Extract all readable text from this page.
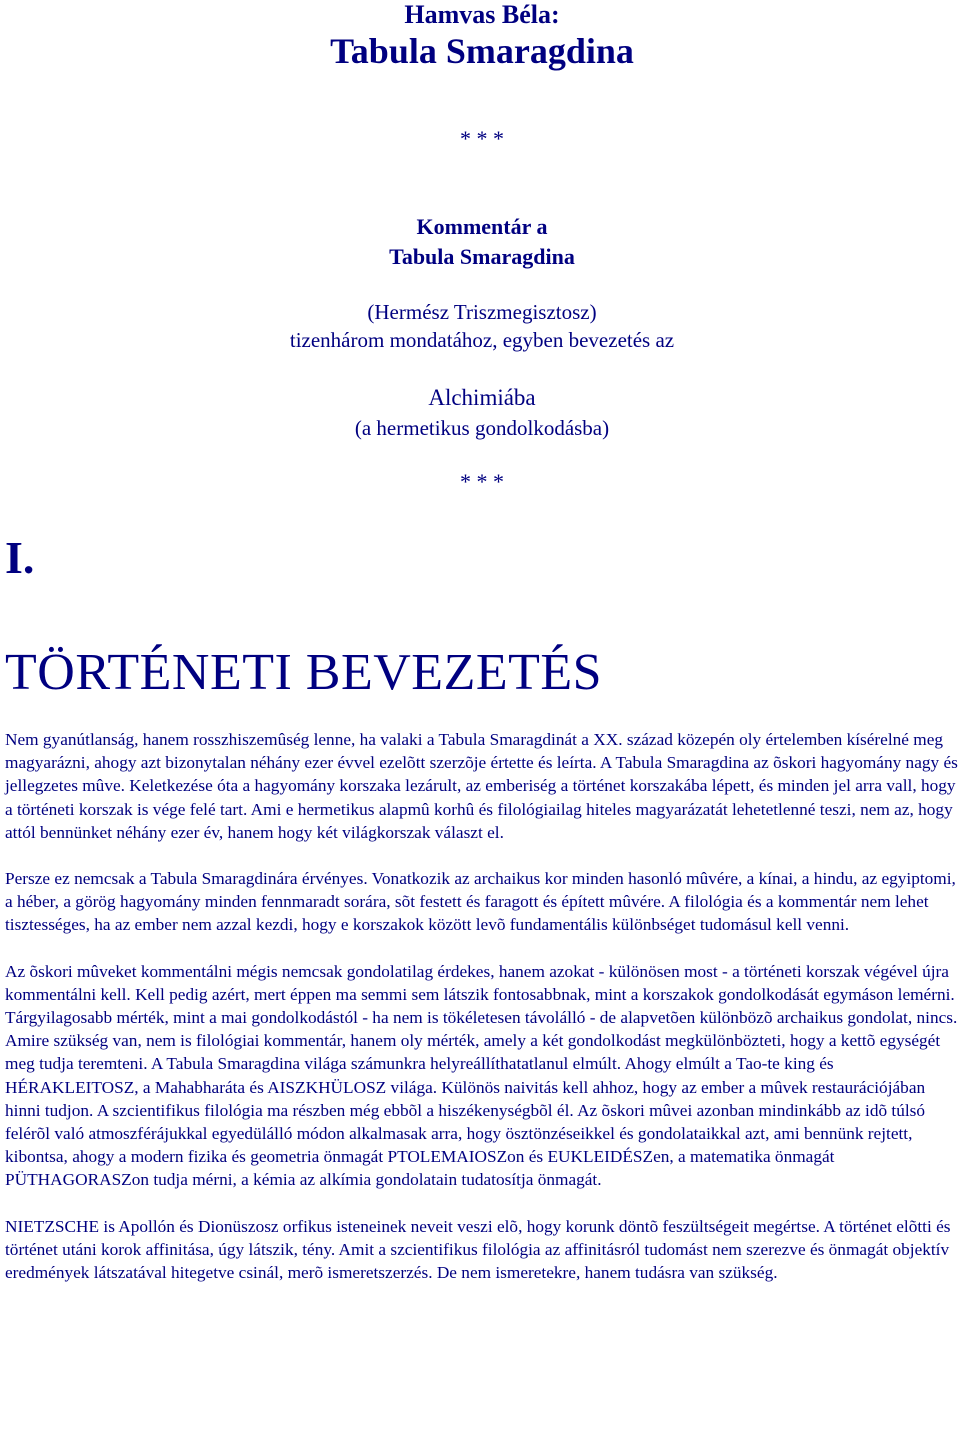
Hamvas Béla:
Tabula Smaragdina
* * *
Kommentár a
Tabula Smaragdina
(Hermész Triszmegisztosz)
tizenhárom mondatához, egyben bevezetés az
Alchimiába
(a hermetikus gondolkodásba)
* * *
I.
TÖRTÉNETI BEVEZETÉS

Nem gyanútlanság, hanem rosszhiszemûség lenne, ha valaki a Tabula Smaragdinát a XX. század közepén oly értelemben kísérelné meg magyarázni, ahogy azt bizonytalan néhány ezer évvel ezelõtt szerzõje értette és leírta. A Tabula Smaragdina az õskori hagyomány nagy és jellegzetes mûve. Keletkezése óta a hagyomány korszaka lezárult, az emberiség a történet korszakába lépett, és minden jel arra vall, hogy a történeti korszak is vége felé tart. Ami e hermetikus alapmû korhû és filológiailag hiteles magyarázatát lehetetlenné teszi, nem az, hogy attól bennünket néhány ezer év, hanem hogy két világkorszak választ el.

Persze ez nemcsak a Tabula Smaragdinára érvényes. Vonatkozik az archaikus kor minden hasonló mûvére, a kínai, a hindu, az egyiptomi, a héber, a görög hagyomány minden fennmaradt sorára, sõt festett és faragott és épített mûvére. A filológia és a kommentár nem lehet tisztességes, ha az ember nem azzal kezdi, hogy e korszakok között levõ fundamentális különbséget tudomásul kell venni.

Az õskori mûveket kommentálni mégis nemcsak gondolatilag érdekes, hanem azokat - különösen most - a történeti korszak végével újra kommentálni kell. Kell pedig azért, mert éppen ma semmi sem látszik fontosabbnak, mint a korszakok gondolkodását egymáson lemérni. Tárgyilagosabb mérték, mint a mai gondolkodástól - ha nem is tökéletesen távolálló - de alapvetõen különbözõ archaikus gondolat, nincs. Amire szükség van, nem is filológiai kommentár, hanem oly mérték, amely a két gondolkodást megkülönbözteti, hogy a kettõ egységét meg tudja teremteni. A Tabula Smaragdina világa számunkra helyreállíthatatlanul elmúlt. Ahogy elmúlt a Tao-te king és HÉRAKLEITOSZ, a Mahabharáta és AISZKHÜLOSZ világa. Különös naivitás kell ahhoz, hogy az ember a mûvek restaurációjában hinni tudjon. A szcientifikus filológia ma részben még ebbõl a hiszékenységbõl él. Az õskori mûvei azonban mindinkább az idõ túlsó felérõl való atmoszférájukkal egyedülálló módon alkalmasak arra, hogy ösztönzéseikkel és gondolataikkal azt, ami bennünk rejtett, kibontsa, ahogy a modern fizika és geometria önmagát PTOLEMAIOSZon és EUKLEIDÉSZen, a matematika önmagát PÜTHAGORASZon tudja mérni, a kémia az alkímia gondolatain tudatosítja önmagát.

NIETZSCHE is Apollón és Dionüszosz orfikus isteneinek neveit veszi elõ, hogy korunk döntõ feszültségeit megértse. A történet elõtti és történet utáni korok affinitása, úgy látszik, tény. Amit a szcientifikus filológia az affinitásról tudomást nem szerezve és önmagát objektív eredmények látszatával hitegetve csinál, merõ ismeretszerzés. De nem ismeretekre, hanem tudásra van szükség.
